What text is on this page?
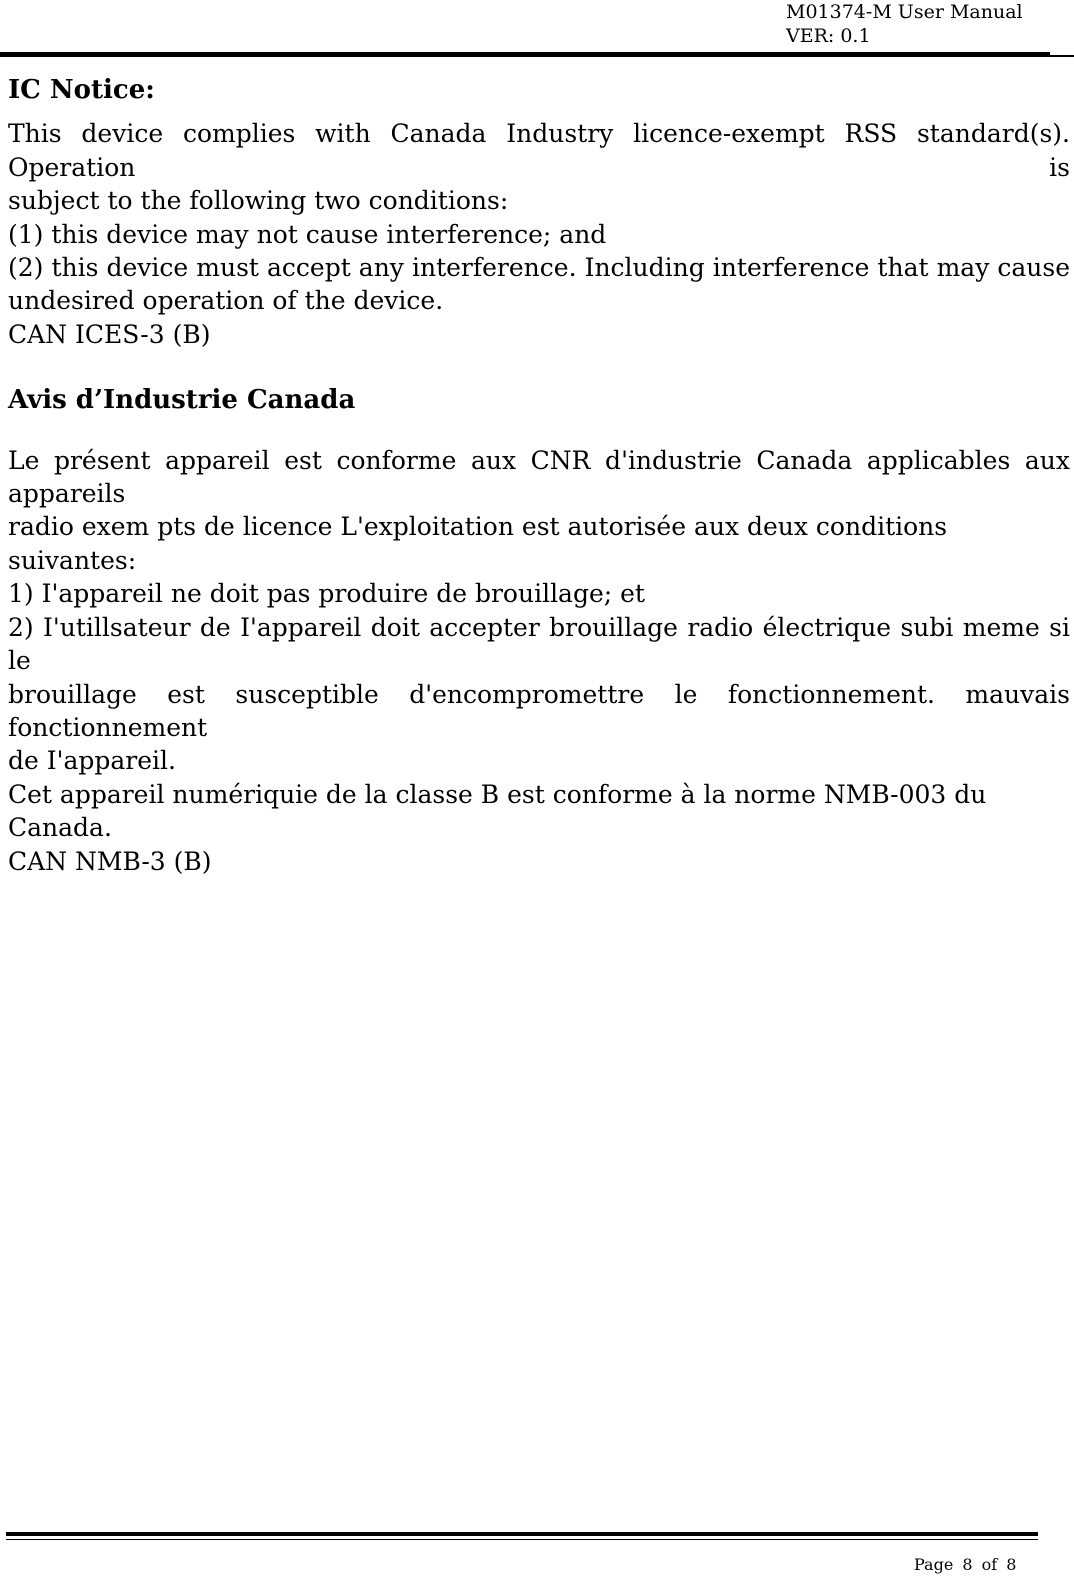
M01374-M User Manual
VER: 0.1

IC Notice:

This device complies with Canada Industry licence-exempt RSS standard(s). Operation is

subject to the following two conditions:

(1) this device may not cause interference; and

(2) this device must accept any interference. Including interference that may cause

undesired operation of the device.

CAN ICES-3 (B)

Avis d’Industrie Canada

Le présent appareil est conforme aux CNR d'industrie Canada applicables aux appareils

radio exem pts de licence L'exploitation est autorisée aux deux conditions suivantes:

1) I'appareil ne doit pas produire de brouillage; et

2) I'utillsateur de I'appareil doit accepter brouillage radio électrique subi meme si le

brouillage est susceptible d'encompromettre le fonctionnement. mauvais fonctionnement

de I'appareil.

Cet appareil numériquie de la classe B est conforme à la norme NMB-003 du Canada.

CAN NMB-3 (B)

Page 8 of 8
